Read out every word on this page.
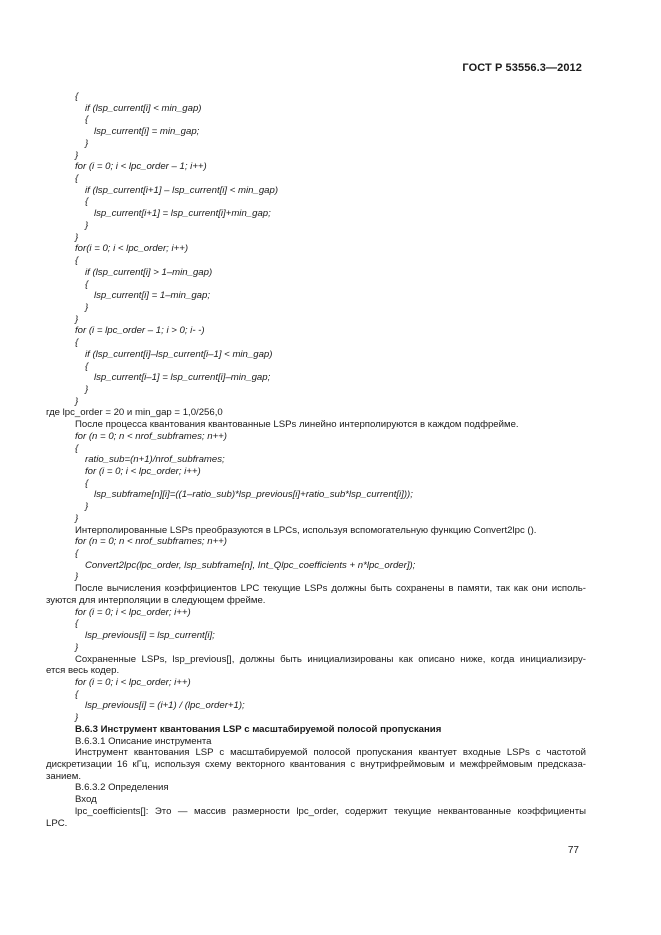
ГОСТ Р 53556.3—2012
{
if (lsp_current[i] < min_gap)
{
lsp_current[i] = min_gap;
}
}
for (i = 0; i < lpc_order – 1; i++)
{
if (lsp_current[i+1] – lsp_current[i] < min_gap)
{
lsp_current[i+1] = lsp_current[i]+min_gap;
}
}
for(i = 0; i < lpc_order; i++)
{
if (lsp_current[i] > 1–min_gap)
{
lsp_current[i] = 1–min_gap;
}
}
for (i = lpc_order – 1; i > 0; i- -)
{
if (lsp_current[i]–lsp_current[i–1] < min_gap)
{
lsp_current[i–1] = lsp_current[i]–min_gap;
}
}
где lpc_order = 20 и min_gap = 1,0/256,0
После процесса квантования квантованные LSPs линейно интерполируются в каждом подфрейме.
for (n = 0; n < nrof_subframes; n++)
{
ratio_sub=(n+1)/nrof_subframes;
for (i = 0; i < lpc_order; i++)
{
lsp_subframe[n][i]=((1–ratio_sub)*lsp_previous[i]+ratio_sub*lsp_current[i]));
}
}
Интерполированные LSPs преобразуются в LPCs, используя вспомогательную функцию Convert2lpc ().
for (n = 0; n < nrof_subframes; n++)
{
Convert2lpc(lpc_order, lsp_subframe[n], Int_Qlpc_coefficients + n*lpc_order]);
}
После вычисления коэффициентов LPC текущие LSPs должны быть сохранены в памяти, так как они исполь-
зуются для интерполяции в следующем фрейме.
for (i = 0; i < lpc_order; i++)
{
lsp_previous[i] = lsp_current[i];
}
Сохраненные LSPs, lsp_previous[], должны быть инициализированы как описано ниже, когда инициализиру-
ется весь кодер.
for (i = 0; i < lpc_order; i++)
{
lsp_previous[i] = (i+1) / (lpc_order+1);
}
B.6.3 Инструмент квантования LSP с масштабируемой полосой пропускания
B.6.3.1 Описание инструмента
Инструмент квантования LSP с масштабируемой полосой пропускания квантует входные LSPs с частотой
дискретизации 16 кГц, используя схему векторного квантования с внутрифреймовым и межфреймовым предсказа-
занием.
B.6.3.2 Определения
Вход
lpc_coefficients[]: Это — массив размерности lpc_order, содержит текущие неквантованные коэффициенты
LPC.
77
